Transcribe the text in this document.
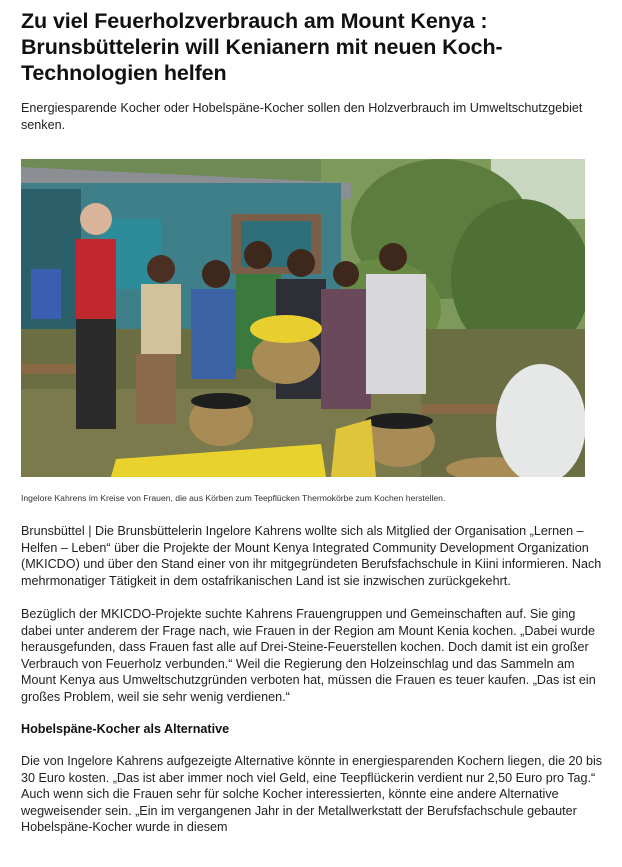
Zu viel Feuerholzverbrauch am Mount Kenya : Brunsbüttelerin will Kenianern mit neuen Koch-Technologien helfen

Energiesparende Kocher oder Hobelspäne-Kocher sollen den Holzverbrauch im Umweltschutzgebiet senken.

Ingelore Kahrens im Kreise von Frauen, die aus Körben zum Teepflücken Thermokörbe zum Kochen herstellen.

Brunsbüttel | Die Brunsbüttelerin Ingelore Kahrens wollte sich als Mitglied der Organisation „Lernen – Helfen – Leben“ über die Projekte der Mount Kenya Integrated Community Development Organization (MKICDO) und über den Stand einer von ihr mitgegründeten Berufsfachschule in Kiini informieren. Nach mehrmonatiger Tätigkeit in dem ostafrikanischen Land ist sie inzwischen zurückgekehrt.

Bezüglich der MKICDO-Projekte suchte Kahrens Frauengruppen und Gemeinschaften auf. Sie ging dabei unter anderem der Frage nach, wie Frauen in der Region am Mount Kenia kochen. „Dabei wurde herausgefunden, dass Frauen fast alle auf Drei-Steine-Feuerstellen kochen. Doch damit ist ein großer Verbrauch von Feuerholz verbunden.“ Weil die Regierung den Holzeinschlag und das Sammeln am Mount Kenya aus Umweltschutzgründen verboten hat, müssen die Frauen es teuer kaufen. „Das ist ein großes Problem, weil sie sehr wenig verdienen.“

Hobelspäne-Kocher als Alternative

Die von Ingelore Kahrens aufgezeigte Alternative könnte in energiesparenden Kochern liegen, die 20 bis 30 Euro kosten. „Das ist aber immer noch viel Geld, eine Teepflückerin verdient nur 2,50 Euro pro Tag.“ Auch wenn sich die Frauen sehr für solche Kocher interessierten, könnte eine andere Alternative wegweisender sein. „Ein im vergangenen Jahr in der Metallwerkstatt der Berufsfachschule gebauter Hobelspäne-Kocher wurde in diesem
